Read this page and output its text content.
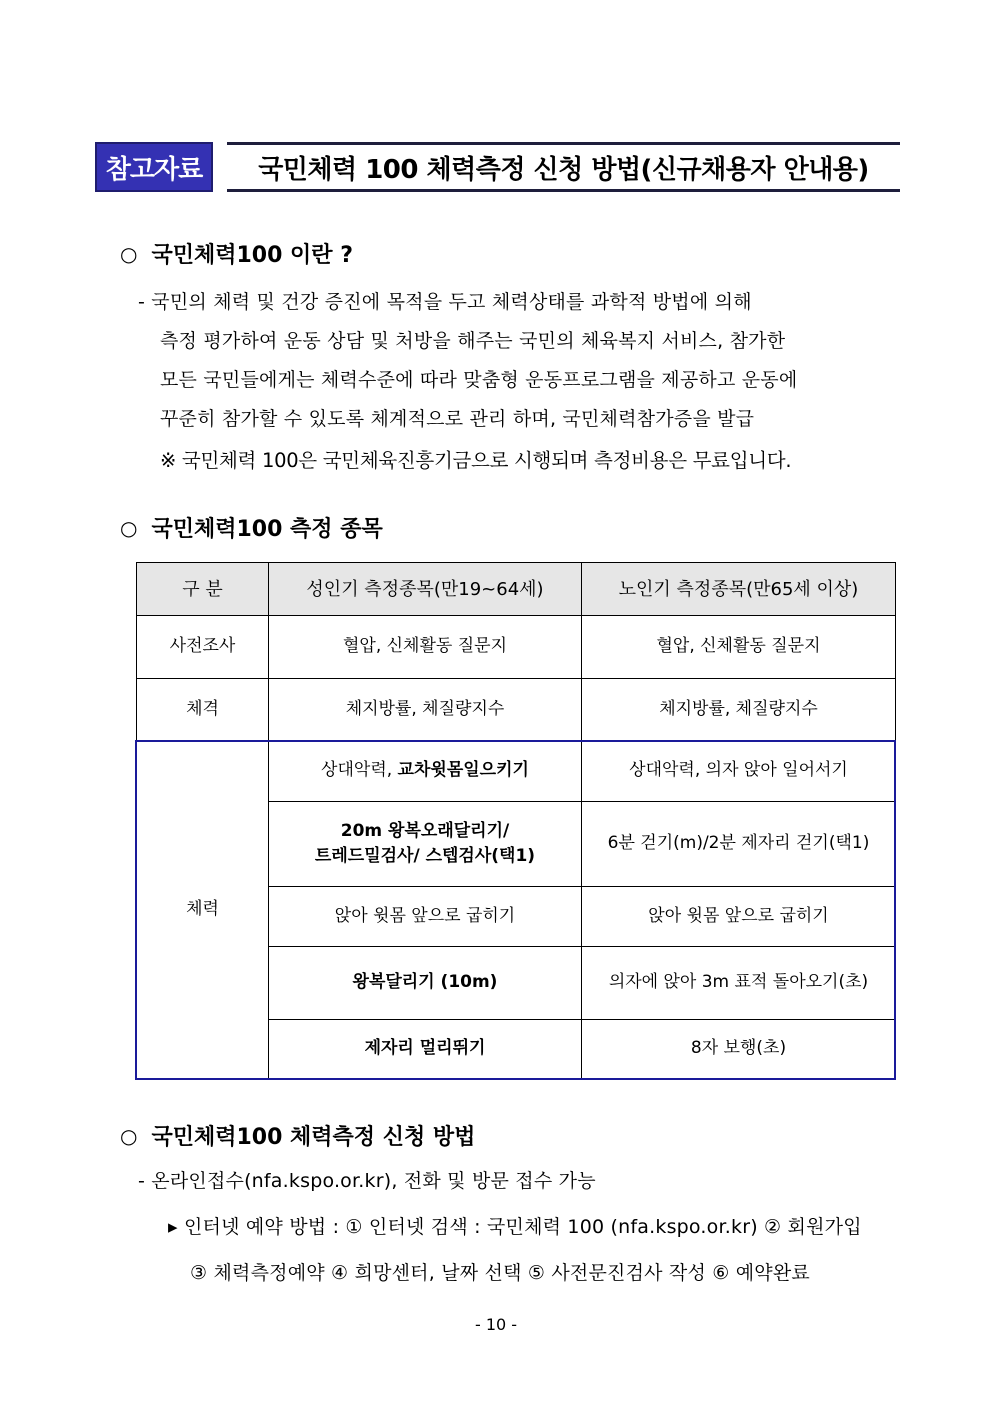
참고자료	국민체력 100 체력측정 신청 방법(신규채용자 안내용)
○ 국민체력100 이란 ?
- 국민의 체력 및 건강 증진에 목적을 두고 체력상태를 과학적 방법에 의해
측정 평가하여 운동 상담 및 처방을 해주는 국민의 체육복지 서비스, 참가한
모든 국민들에게는 체력수준에 따라 맞춤형 운동프로그램을 제공하고 운동에
꾸준히 참가할 수 있도록 체계적으로 관리 하며, 국민체력참가증을 발급
※ 국민체력 100은 국민체육진흥기금으로 시행되며 측정비용은 무료입니다.
○ 국민체력100 측정 종목
구 분	성인기 측정종목(만19~64세)	노인기 측정종목(만65세 이상)
사전조사	혈압, 신체활동 질문지	혈압, 신체활동 질문지
체격	체지방률, 체질량지수	체지방률, 체질량지수
체력	상대악력, 교차윗몸일으키기	상대악력, 의자 앉아 일어서기

	20m 왕복오래달리기/
트레드밀검사/ 스텝검사(택1)	6분 걷기(m)/2분 제자리 걷기(택1)
	앉아 윗몸 앞으로 굽히기	앉아 윗몸 앞으로 굽히기
	왕복달리기 (10m)	의자에 앉아 3m 표적 돌아오기(초)
	제자리 멀리뛰기	8자 보행(초)
○ 국민체력100 체력측정 신청 방법
- 온라인접수(nfa.kspo.or.kr), 전화 및 방문 접수 가능
▸ 인터넷 예약 방법 : ① 인터넷 검색 : 국민체력 100 (nfa.kspo.or.kr) ② 회원가입
③ 체력측정예약 ④ 희망센터, 날짜 선택 ⑤ 사전문진검사 작성 ⑥ 예약완료
- 10 -
